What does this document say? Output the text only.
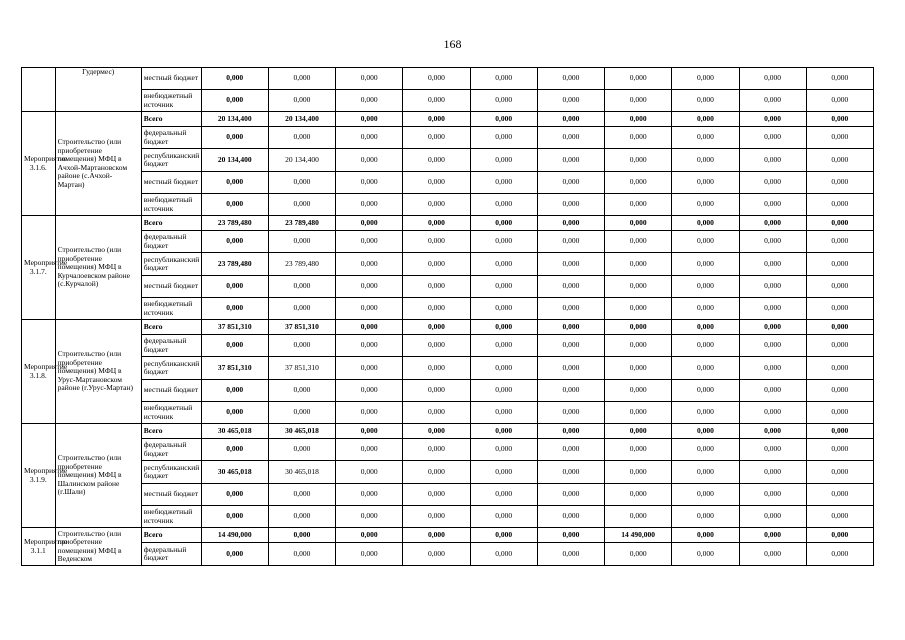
168
	Гудермес)	местный бюджет	0,000	0,000	0,000	0,000	0,000	0,000	0,000	0,000	0,000	0,000
		внебюджетный источник	0,000	0,000	0,000	0,000	0,000	0,000	0,000	0,000	0,000	0,000
Мероприятие 3.1.6.	Строительство (или приобретение помещения) МФЦ в Ачхой-Мартановском районе (с.Ачхой-Мартан)	Всего	20 134,400	20 134,400	0,000	0,000	0,000	0,000	0,000	0,000	0,000	0,000
		федеральный бюджет	0,000	0,000	0,000	0,000	0,000	0,000	0,000	0,000	0,000	0,000
		республиканский бюджет	20 134,400	20 134,400	0,000	0,000	0,000	0,000	0,000	0,000	0,000	0,000
		местный бюджет	0,000	0,000	0,000	0,000	0,000	0,000	0,000	0,000	0,000	0,000
		внебюджетный источник	0,000	0,000	0,000	0,000	0,000	0,000	0,000	0,000	0,000	0,000
Мероприятие 3.1.7.	Строительство (или приобретение помещения) МФЦ в Курчалоевском районе (с.Курчалой)	Всего	23 789,480	23 789,480	0,000	0,000	0,000	0,000	0,000	0,000	0,000	0,000
		федеральный бюджет	0,000	0,000	0,000	0,000	0,000	0,000	0,000	0,000	0,000	0,000
		республиканский бюджет	23 789,480	23 789,480	0,000	0,000	0,000	0,000	0,000	0,000	0,000	0,000
		местный бюджет	0,000	0,000	0,000	0,000	0,000	0,000	0,000	0,000	0,000	0,000
		внебюджетный источник	0,000	0,000	0,000	0,000	0,000	0,000	0,000	0,000	0,000	0,000
Мероприятие 3.1.8.	Строительство (или приобретение помещения) МФЦ в Урус-Мартановском районе (г.Урус-Мартан)	Всего	37 851,310	37 851,310	0,000	0,000	0,000	0,000	0,000	0,000	0,000	0,000
		федеральный бюджет	0,000	0,000	0,000	0,000	0,000	0,000	0,000	0,000	0,000	0,000
		республиканский бюджет	37 851,310	37 851,310	0,000	0,000	0,000	0,000	0,000	0,000	0,000	0,000
		местный бюджет	0,000	0,000	0,000	0,000	0,000	0,000	0,000	0,000	0,000	0,000
		внебюджетный источник	0,000	0,000	0,000	0,000	0,000	0,000	0,000	0,000	0,000	0,000
Мероприятие 3.1.9.	Строительство (или приобретение помещения) МФЦ в Шалинском районе (г.Шали)	Всего	30 465,018	30 465,018	0,000	0,000	0,000	0,000	0,000	0,000	0,000	0,000
		федеральный бюджет	0,000	0,000	0,000	0,000	0,000	0,000	0,000	0,000	0,000	0,000
		республиканский бюджет	30 465,018	30 465,018	0,000	0,000	0,000	0,000	0,000	0,000	0,000	0,000
		местный бюджет	0,000	0,000	0,000	0,000	0,000	0,000	0,000	0,000	0,000	0,000
		внебюджетный источник	0,000	0,000	0,000	0,000	0,000	0,000	0,000	0,000	0,000	0,000
Мероприятие 3.1.1	Строительство (или приобретение помещения) МФЦ в Веденском	Всего	14 490,000	0,000	0,000	0,000	0,000	0,000	14 490,000	0,000	0,000	0,000
		федеральный бюджет	0,000	0,000	0,000	0,000	0,000	0,000	0,000	0,000	0,000	0,000
